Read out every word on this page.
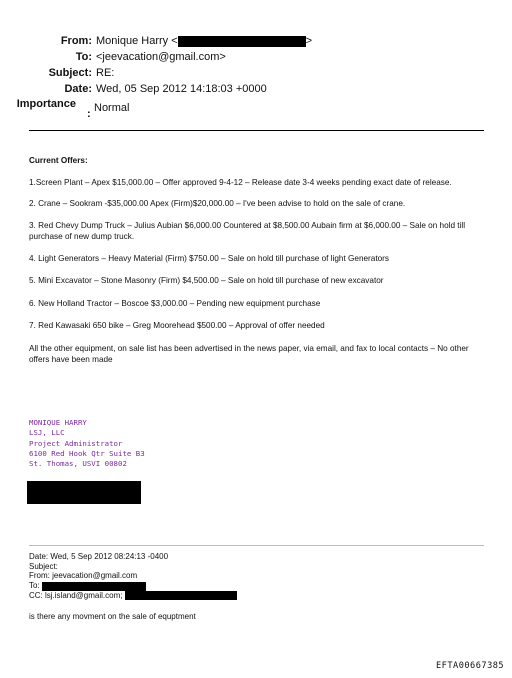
From: Monique Harry <	>
To: <jeevacation@gmail.com>
Subject: RE:
Date: Wed, 05 Sep 2012 14:18:03 +0000
Importance
: Normal

Current Offers:

1.Screen Plant – Apex $15,000.00 – Offer approved 9-4-12 – Release date 3-4 weeks pending exact date of release.

2. Crane – Sookram -$35,000.00 Apex (Firm)$20,000.00 – I've been advise to hold on the sale of crane.

3. Red Chevy Dump Truck – Julius Aubian $6,000.00 Countered at $8,500.00 Aubain firm at $6,000.00 – Sale on hold till purchase of new dump truck.

4. Light Generators – Heavy Material (Firm) $750.00 – Sale on hold till purchase of light Generators

5. Mini Excavator – Stone Masonry (Firm) $4,500.00 – Sale on hold till purchase of new excavator

6. New Holland Tractor – Boscoe $3,000.00 – Pending new equipment purchase

7. Red Kawasaki 650 bike – Greg Moorehead $500.00 – Approval of offer needed

All the other equipment, on sale list has been advertised in the news paper, via email, and fax to local contacts – No other offers have been made

MONIQUE HARRY
LSJ, LLC
Project Administrator
6100 Red Hook Qtr Suite B3
St. Thomas, USVI 00802
Date: Wed, 5 Sep 2012 08:24:13 -0400
Subject:
From: jeevacation@gmail.com
To:
CC: lsj.island@gmail.com;
is there any movment on the sale of equptment
EFTA00667385
